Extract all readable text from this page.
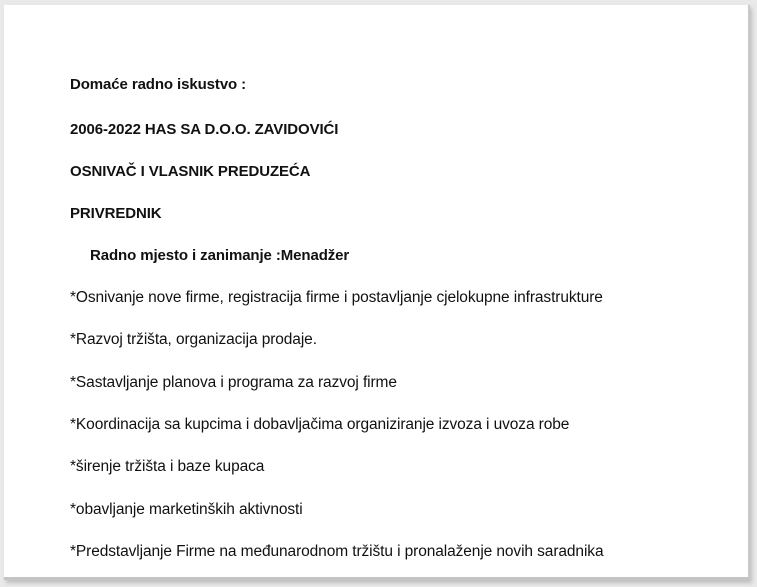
Domaće radno iskustvo :
2006-2022 HAS SA D.O.O. ZAVIDOVIĆI
OSNIVAČ I VLASNIK PREDUZEĆA
PRIVREDNIK
Radno mjesto i zanimanje :Menadžer
*Osnivanje nove firme, registracija firme i postavljanje cjelokupne infrastrukture
*Razvoj tržišta, organizacija prodaje.
*Sastavljanje planova i programa za razvoj firme
*Koordinacija sa kupcima i dobavljačima organiziranje izvoza i uvoza robe
*širenje tržišta i baze kupaca
*obavljanje marketinških aktivnosti
*Predstavljanje Firme na međunarodnom tržištu i pronalaženje novih saradnika
